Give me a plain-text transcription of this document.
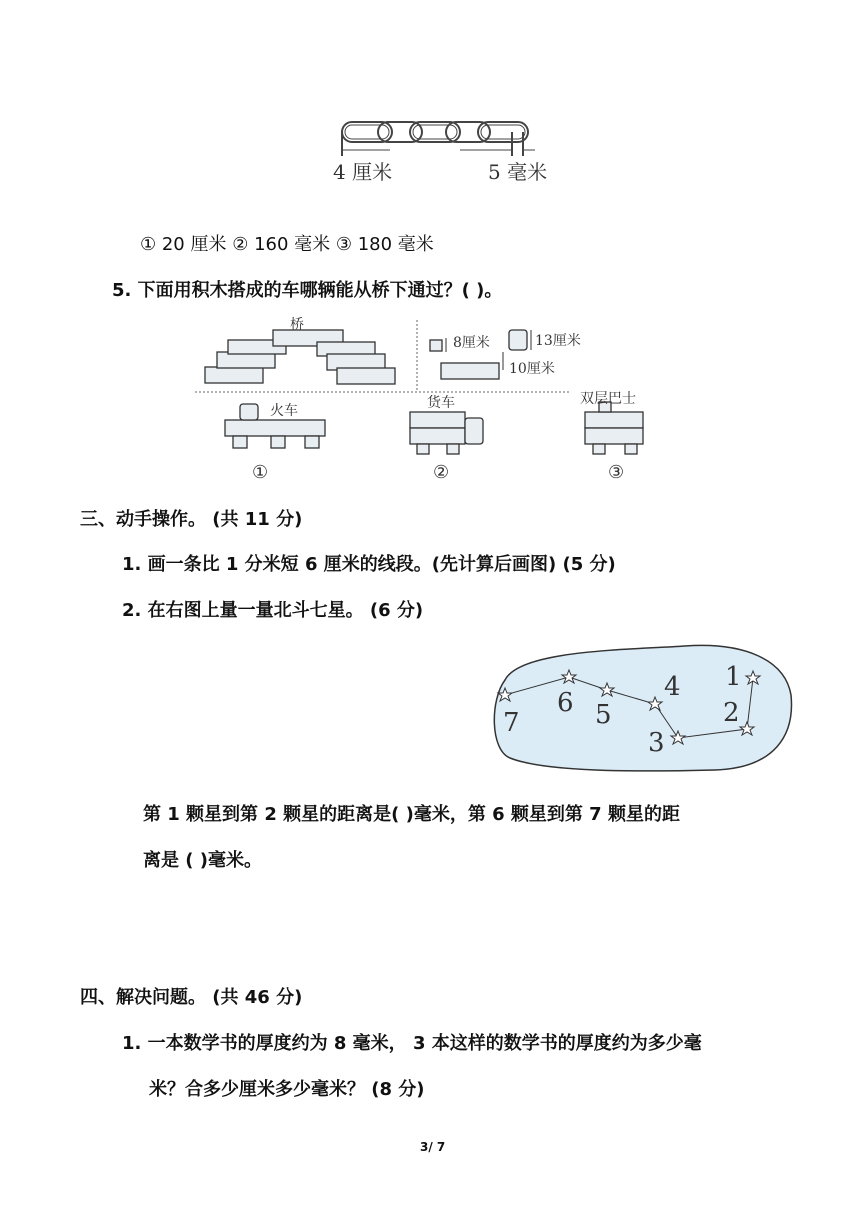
4 厘米	5 毫米
① 20 厘米 ② 160 毫米 ③ 180 毫米
5. 下面用积木搭成的车哪辆能从桥下通过？( )。
桥
8厘米	13厘米
10厘米
火车	货车	双层巴士
①	②	③
三、动手操作。 (共 11 分)
1. 画一条比 1 分米短 6 厘米的线段。(先计算后画图) (5 分)
2. 在右图上量一量北斗七星。 (6 分)
1
2
3
4
5
6
7
第 1 颗星到第 2 颗星的距离是( )毫米，第 6 颗星到第 7 颗星的距
离是 ( )毫米。
四、解决问题。 (共 46 分)
1. 一本数学书的厚度约为 8 毫米， 3 本这样的数学书的厚度约为多少毫
米？合多少厘米多少毫米？ (8 分)
3/ 7
